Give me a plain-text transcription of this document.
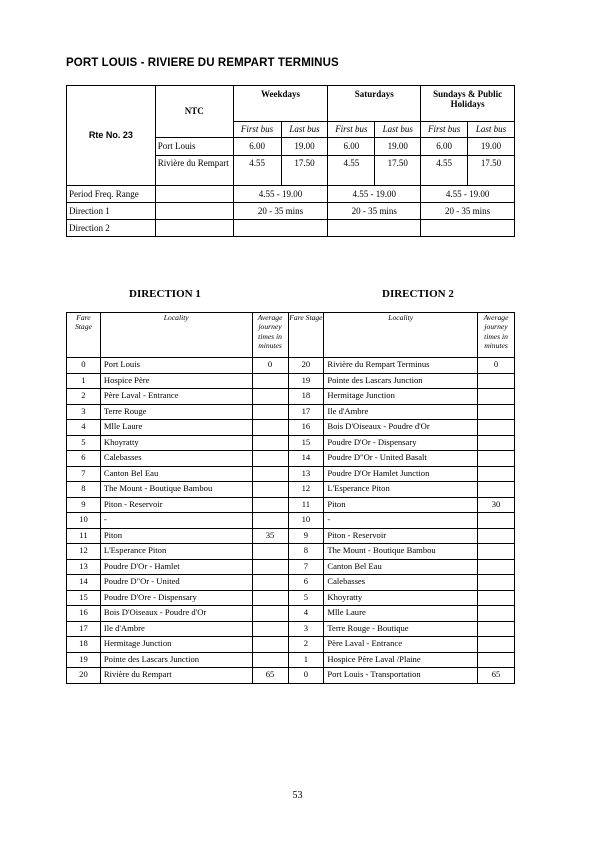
PORT LOUIS - RIVIERE DU REMPART TERMINUS
Rte No. 23	NTC	Weekdays		Saturdays		Sundays & Public Holidays	
		First bus	Last bus	First bus	Last bus	First bus	Last bus
	Port Louis	6.00	19.00	6.00	19.00	6.00	19.00
	Rivière du Rempart	4.55	17.50	4.55	17.50	4.55	17.50
Period Freq. Range		4.55 - 19.00		4.55 - 19.00		4.55 - 19.00	
Direction 1		20 - 35 mins		20 - 35 mins		20 - 35 mins	
Direction 2							
DIRECTION 1	DIRECTION 2
Fare Stage	Locality	Average journey times in minutes	Fare Stage	Locality	Average journey times in minutes
0	Port Louis	0	20	Rivière du Rempart Terminus	0
1	Hospice Père		19	Pointe des Lascars Junction	
2	Père Laval - Entrance		18	Hermitage Junction	
3	Terre Rouge		17	Ile d'Ambre	
4	Mlle Laure		16	Bois D'Oiseaux - Poudre d'Or	
5	Khoyratty		15	Poudre D'Or - Dispensary	
6	Calebasses		14	Poudre D"Or - United Basalt	
7	Canton Bel Eau		13	Poudre D'Or Hamlet Junction	
8	The Mount - Boutique Bambou		12	L'Esperance Piton	
9	Piton - Reservoir		11	Piton	30
10	-		10	-	
11	Piton	35	9	Piton - Reservoir	
12	L'Esperance Piton		8	The Mount - Boutique Bambou	
13	Poudre D'Or - Hamlet		7	Canton Bel Eau	
14	Poudre D"Or - United		6	Calebasses	
15	Poudre D'Ore - Dispensary		5	Khoyratty	
16	Bois D'Oiseaux - Poudre d'Or		4	Mlle Laure	
17	Ile d'Ambre		3	Terre Rouge - Boutique	
18	Hermitage Junction		2	Père Laval - Entrance	
19	Pointe des Lascars Junction		1	Hospice Père Laval /Plaine	
20	Rivière du Rempart	65	0	Port Louis - Transportation	65
53
